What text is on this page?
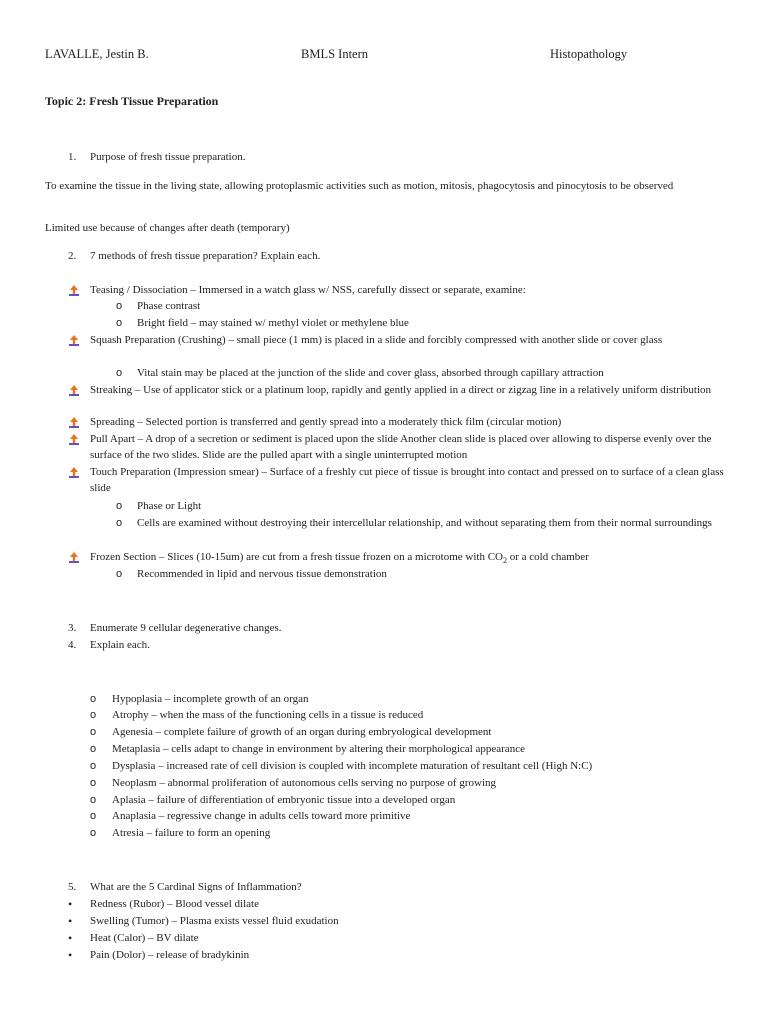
LAVALLE, Jestin B.	BMLS Intern	Histopathology
Topic 2: Fresh Tissue Preparation
1. Purpose of fresh tissue preparation.
To examine the tissue in the living state, allowing protoplasmic activities such as motion, mitosis, phagocytosis and pinocytosis to be observed
Limited use because of changes after death (temporary)
2. 7 methods of fresh tissue preparation? Explain each.
Teasing / Dissociation – Immersed in a watch glass w/ NSS, carefully dissect or separate, examine:
o Phase contrast
o Bright field – may stained w/ methyl violet or methylene blue
Squash Preparation (Crushing) – small piece (1 mm) is placed in a slide and forcibly compressed with another slide or cover glass
o Vital stain may be placed at the junction of the slide and cover glass, absorbed through capillary attraction
Streaking – Use of applicator stick or a platinum loop, rapidly and gently applied in a direct or zigzag line in a relatively uniform distribution
Spreading – Selected portion is transferred and gently spread into a moderately thick film (circular motion)
Pull Apart – A drop of a secretion or sediment is placed upon the slide Another clean slide is placed over allowing to disperse evenly over the surface of the two slides. Slide are the pulled apart with a single uninterrupted motion
Touch Preparation (Impression smear) – Surface of a freshly cut piece of tissue is brought into contact and pressed on to surface of a clean glass slide
o Phase or Light
o Cells are examined without destroying their intercellular relationship, and without separating them from their normal surroundings
Frozen Section – Slices (10-15um) are cut from a fresh tissue frozen on a microtome with $CO_2$ or a cold chamber
o Recommended in lipid and nervous tissue demonstration
3. Enumerate 9 cellular degenerative changes.
4. Explain each.
o Hypoplasia – incomplete growth of an organ
o Atrophy – when the mass of the functioning cells in a tissue is reduced
o Agenesia – complete failure of growth of an organ during embryological development
o Metaplasia – cells adapt to change in environment by altering their morphological appearance
o Dysplasia – increased rate of cell division is coupled with incomplete maturation of resultant cell (High N:C)
o Neoplasm – abnormal proliferation of autonomous cells serving no purpose of growing
o Aplasia – failure of differentiation of embryonic tissue into a developed organ
o Anaplasia – regressive change in adults cells toward more primitive
o Atresia – failure to form an opening
5. What are the 5 Cardinal Signs of Inflammation?
• Redness (Rubor) – Blood vessel dilate
• Swelling (Tumor) – Plasma exists vessel fluid exudation
• Heat (Calor) – BV dilate
• Pain (Dolor) – release of bradykinin
